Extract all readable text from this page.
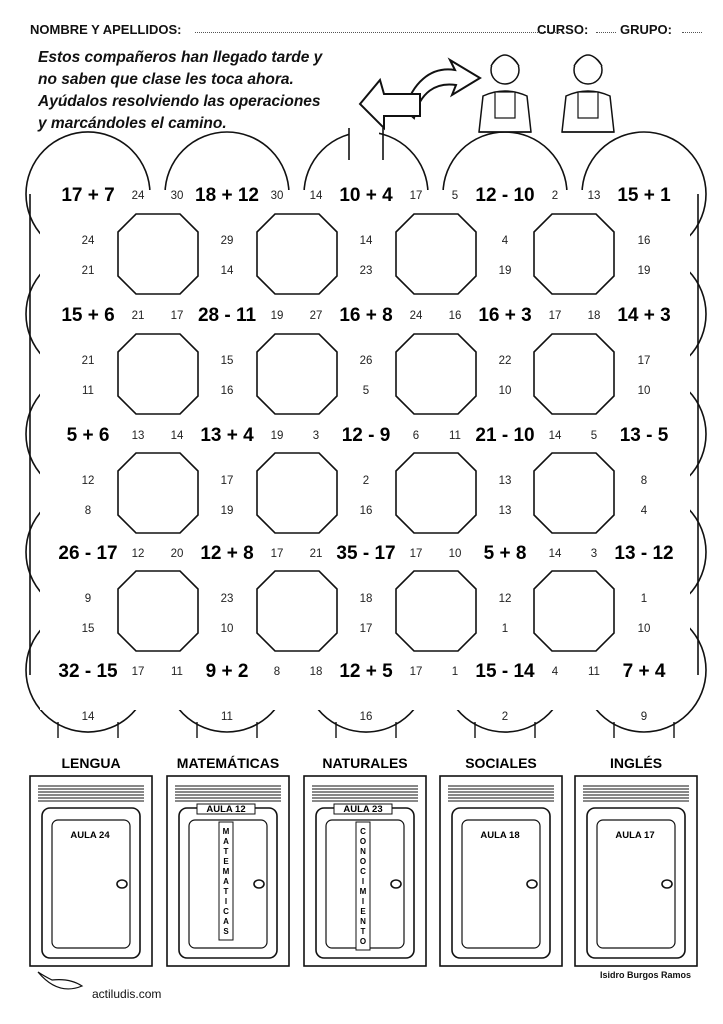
NOMBRE Y APELLIDOS:	CURSO: GRUPO:
Estos compañeros han llegado tarde y
no saben que clase les toca ahora.
Ayúdalos resolviendo las operaciones
y marcándoles el camino.
17 + 7	18 + 12	10 + 4	12 - 10	15 + 1
24 30	30 14	17	5	2	13
24
21
29
14
14
23
4
19
16
19
15 + 6	28 - 11	16 + 8	16 + 3	14 + 3
21 17	19 27	24 16	17 18
21
11
15
16
26
5
22
10
17
10
5 + 6	13 + 4	12 - 9	21 - 10	13 - 5
13 14	19	3	6	11	14	5
12
8
17
19
2
16
13
13
8
4
26 - 17	12 + 8	35 - 17	5 + 8	13 - 12
12 20	17 21	17 10	14	3
9
15
23
10
18
17
12
1
1
10
32 - 15	9 + 2	12 + 5	15 - 14	7 + 4
17 11	8	18	17	1	4	11
14	11	16	2	9
LENGUA
AULA 24
MATEMÁTICAS
AULA 12
M
A
T
E
M
A
T
I
C
A
S
NATURALES
AULA 23
C
O
N
O
C
I
M
I
E
N
T
O
SOCIALES
AULA 18
INGLÉS
AULA 17
actiludis.com
Isidro Burgos Ramos
